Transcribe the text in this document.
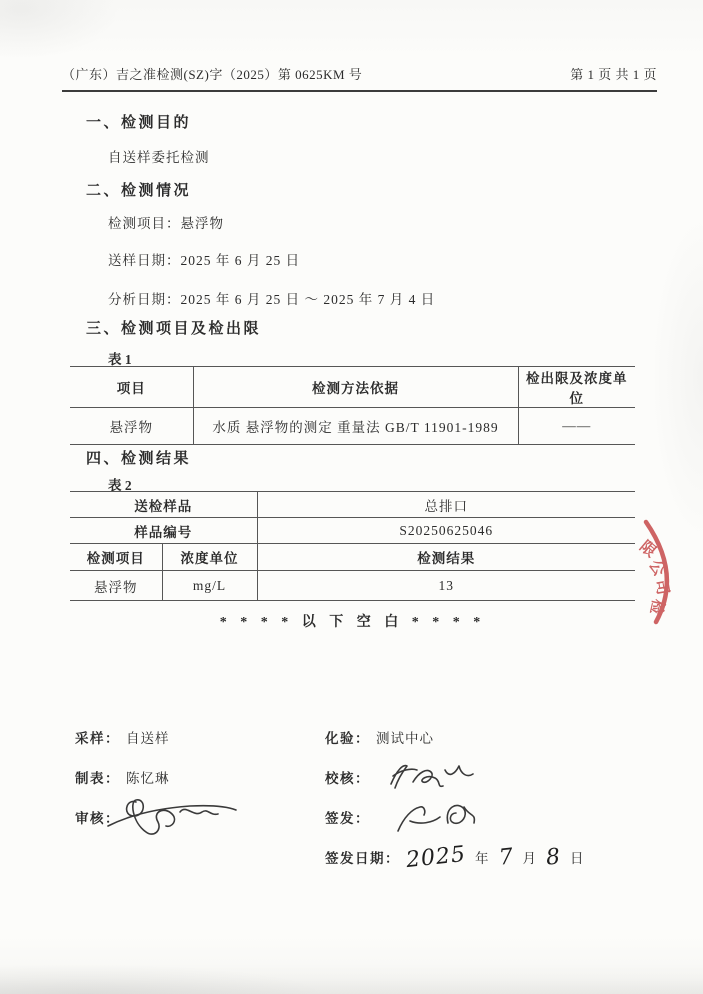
（广东）吉之准检测(SZ)字（2025）第 0625KM 号	第 1 页 共 1 页
一、检测目的
自送样委托检测
二、检测情况
检测项目：悬浮物
送样日期：2025 年 6 月 25 日
分析日期：2025 年 6 月 25 日 ～ 2025 年 7 月 4 日
三、检测项目及检出限
表 1
项目	检测方法依据	检出限及浓度单位
悬浮物	水质 悬浮物的测定 重量法 GB/T 11901-1989	——
四、检测结果
表 2
送检样品		总排口
样品编号		S20250625046
检测项目	浓度单位	检测结果
悬浮物	mg/L	13
* * * * 以 下 空 白 * * * *
采样： 自送样
制表： 陈忆琳
审核：
化验： 测试中心
校核：
签发：
签发日期： 2025 年 7 月 8 日
限
公
司
检
